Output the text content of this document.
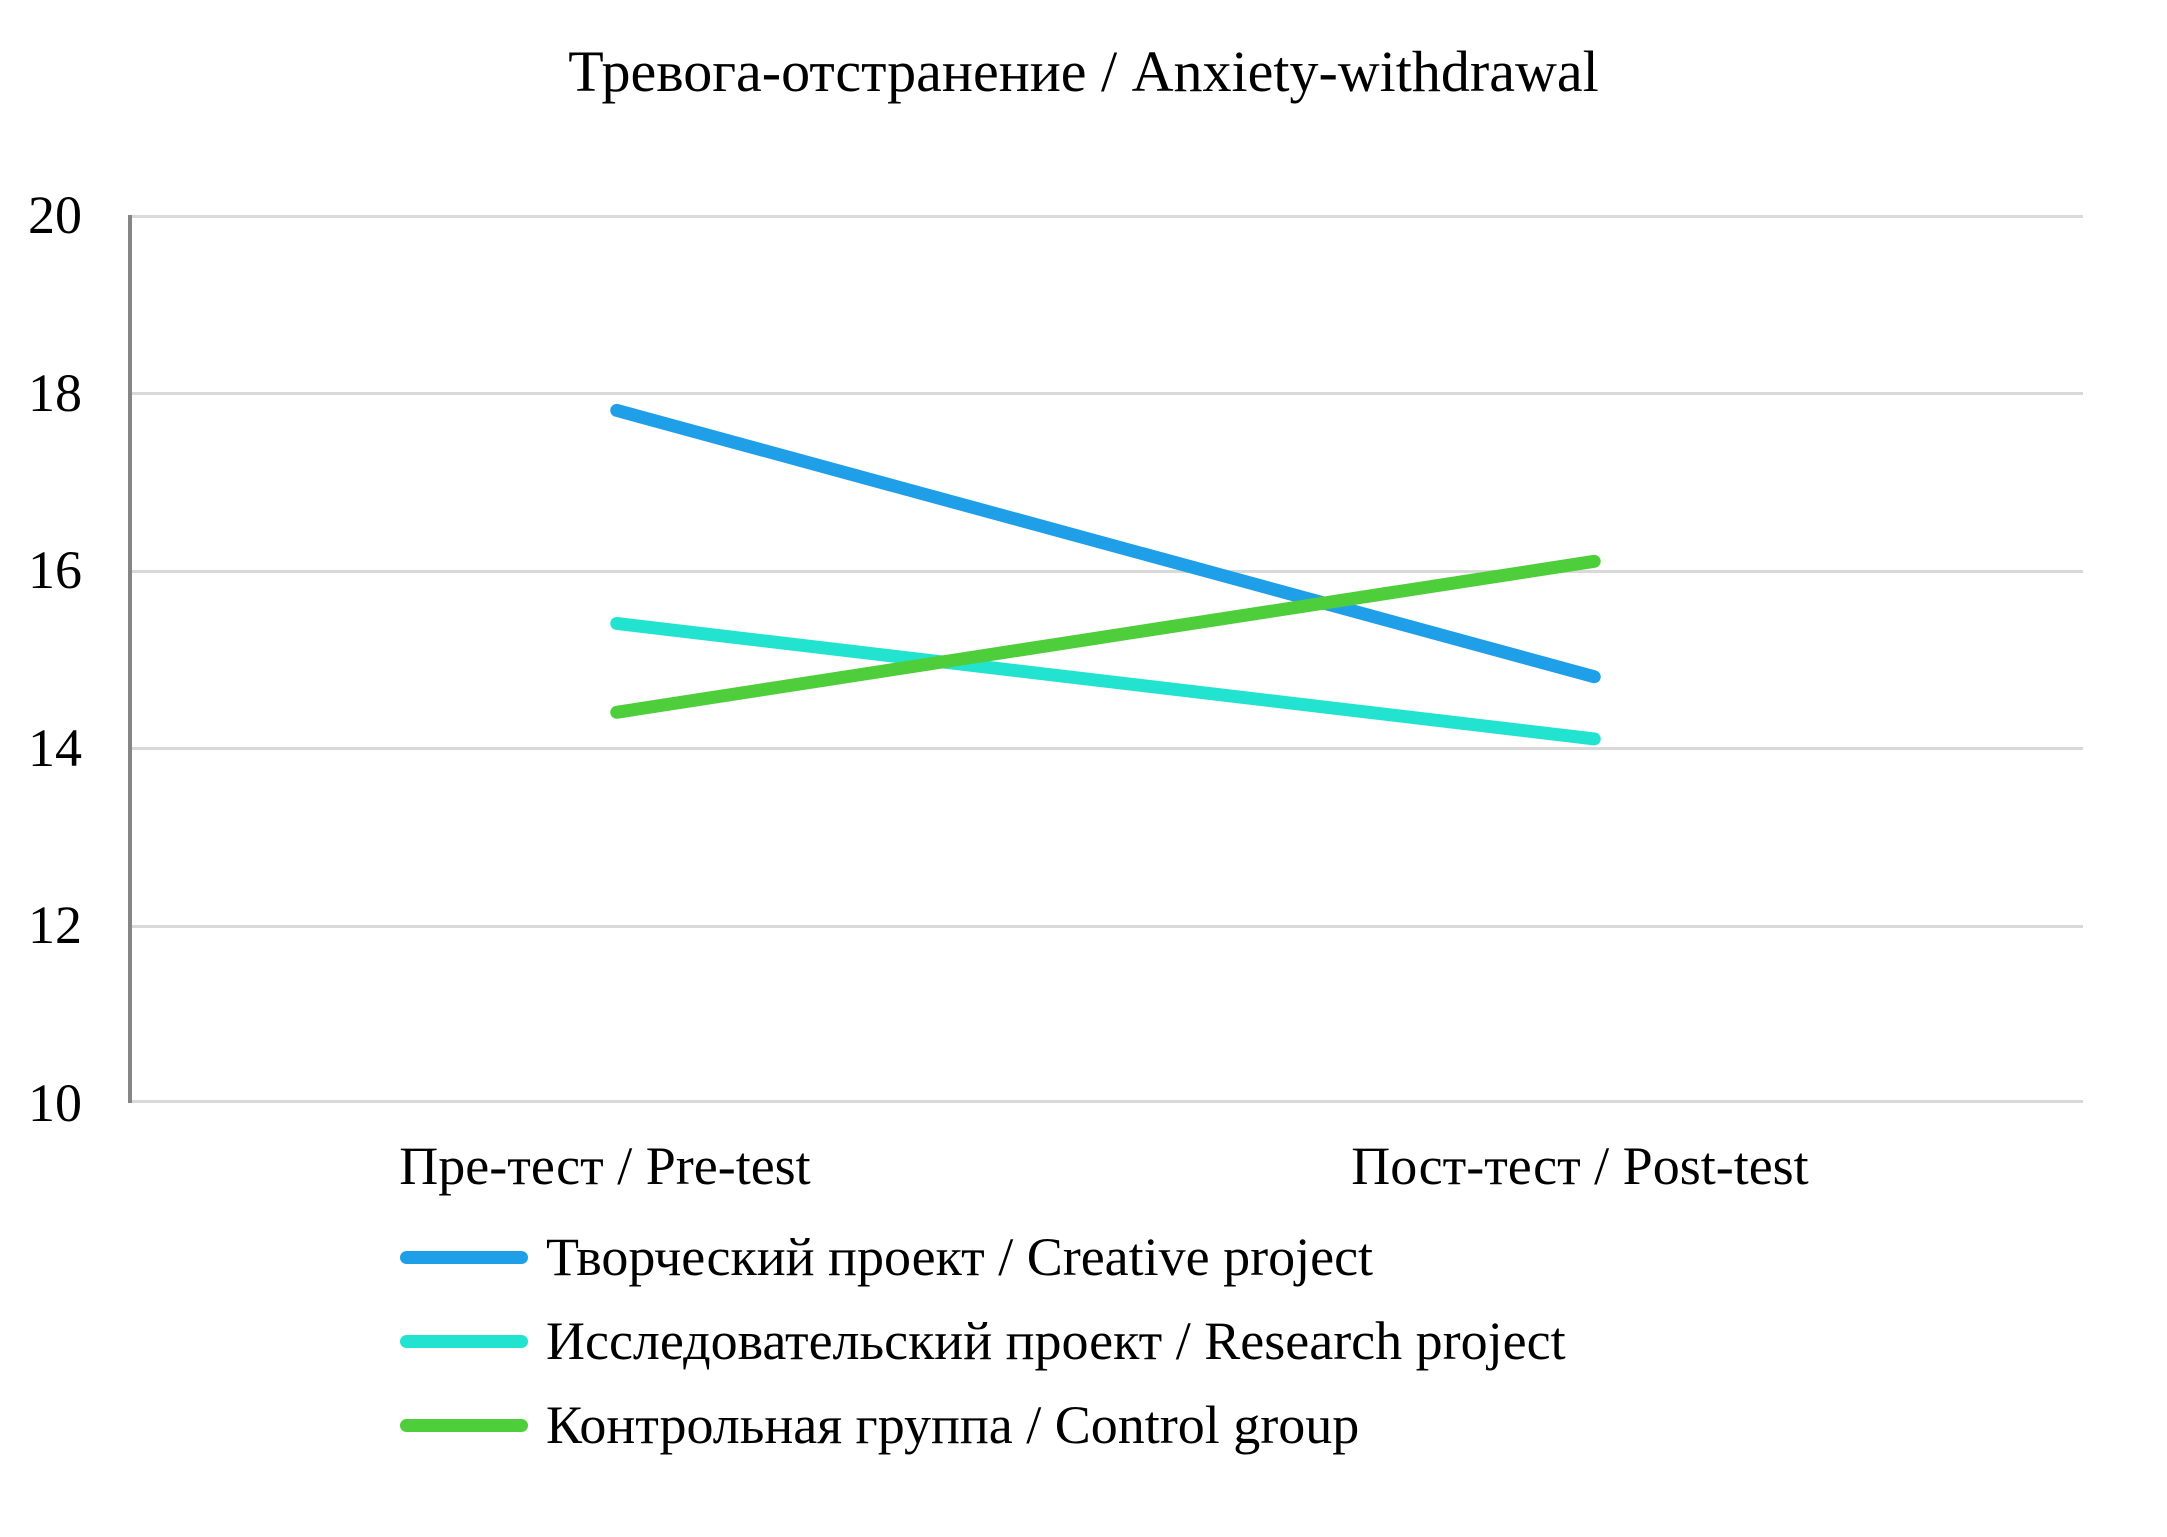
Тревога-отстранение / Anxiety-withdrawal
20
18
16
14
12
10
Пре-тест / Pre-test	Пост-тест / Post-test
Творческий проект / Creative project
Исследовательский проект / Research project
Контрольная группа / Control group
